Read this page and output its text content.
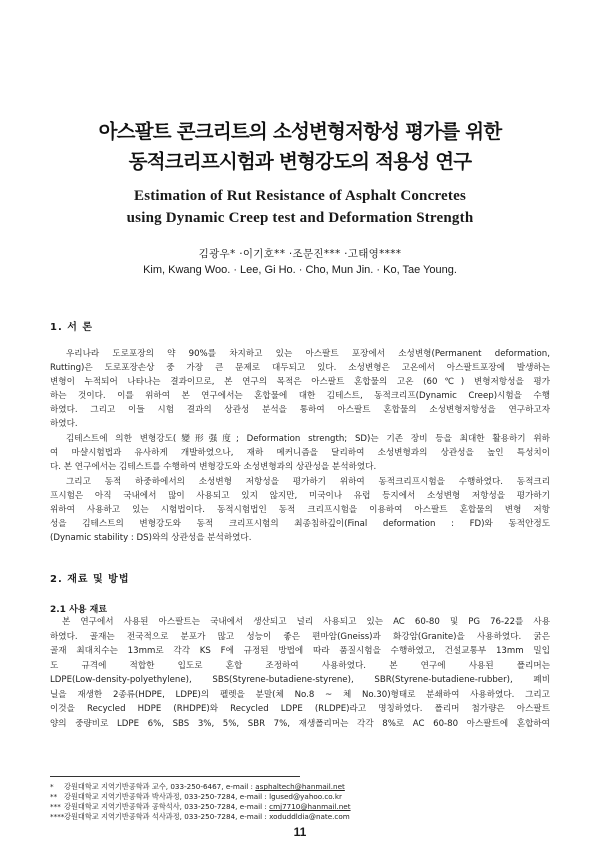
아스팔트 콘크리트의 소성변형저항성 평가를 위한
동적크리프시험과 변형강도의 적용성 연구
Estimation of Rut Resistance of Asphalt Concretes
using Dynamic Creep test and Deformation Strength
김광우* ·이기호** ·조문진*** ·고태영****
Kim, Kwang Woo. · Lee, Gi Ho. · Cho, Mun Jin. · Ko, Tae Young.
1. 서 론
우리나라 도로포장의 약 90%를 차지하고 있는 아스팔트 포장에서 소성변형(Permanent deformation,
Rutting)은 도로포장손상 중 가장 큰 문제로 대두되고 있다. 소성변형은 고온에서 아스팔트포장에 발생하는
변형이 누적되어 나타나는 결과이므로, 본 연구의 목적은 아스팔트 혼합물의 고온 (60℃) 변형저항성을 평가
하는 것이다. 이를 위하여 본 연구에서는 혼합물에 대한 김테스트, 동적크리프(Dynamic Creep)시험을 수행
하였다. 그리고 이들 시험 결과의 상관성 분석을 통하여 아스팔트 혼합물의 소성변형저항성을 연구하고자
하였다.
김테스트에 의한 변형강도(變形强度; Deformation strength; SD)는 기존 장비 등을 최대한 활용하기 위하
여 마샬시험법과 유사하게 개발하였으나, 재하 메커니즘을 달리하여 소성변형과의 상관성을 높인 특성치이
다. 본 연구에서는 김테스트를 수행하여 변형강도와 소성변형과의 상관성을 분석하였다.
그리고 동적 하중하에서의 소성변형 저항성을 평가하기 위하여 동적크리프시험을 수행하였다. 동적크리
프시험은 아직 국내에서 많이 사용되고 있지 않지만, 미국이나 유럽 등지에서 소성변형 저항성을 평가하기
위하여 사용하고 있는 시험법이다. 동적시험법인 동적 크리프시험을 이용하여 아스팔트 혼합물의 변형 저항
성을 김테스트의 변형강도와 동적 크리프시험의 최종침하깊이(Final deformation : FD)와 동적안정도
(Dynamic stability : DS)와의 상관성을 분석하였다.
2. 재료 및 방법
2.1 사용 재료
본 연구에서 사용된 아스팔트는 국내에서 생산되고 널리 사용되고 있는 AC 60-80 및 PG 76-22를 사용
하였다. 골재는 전국적으로 분포가 많고 성능이 좋은 편마암(Gneiss)과 화강암(Granite)을 사용하였다. 굵은
골재 최대치수는 13mm로 각각 KS F에 규정된 방법에 따라 품질시험을 수행하였고, 건설교통부 13mm 밀입
도 규격에 적합한 입도로 혼합 조정하여 사용하였다. 본 연구에 사용된 폴리머는
LDPE(Low-density-polyethylene), SBS(Styrene-butadiene-styrene), SBR(Styrene-butadiene-rubber), 폐비
닐을 재생한 2종류(HDPE, LDPE)의 펠렛을 분말(체 No.8 ~ 체 No.30)형태로 분쇄하여 사용하였다. 그리고
이것을 Recycled HDPE (RHDPE)와 Recycled LDPE (RLDPE)라고 명칭하였다. 폴리머 첨가량은 아스팔트
양의 중량비로 LDPE 6%, SBS 3%, 5%, SBR 7%, 재생폴리머는 각각 8%로 AC 60-80 아스팔트에 혼합하여
* 강원대학교 지역기반공학과 교수, 033-250-6467, e-mail : asphaltech@hanmail.net
** 강원대학교 지역기반공학과 박사과정, 033-250-7284, e-mail : lgused@yahoo.co.kr
*** 강원대학교 지역기반공학과 공학석사, 033-250-7284, e-mail : cmj7710@hanmail.net
****강원대학교 지역기반공학과 석사과정, 033-250-7284, e-mail : xoduddldia@nate.com
11
